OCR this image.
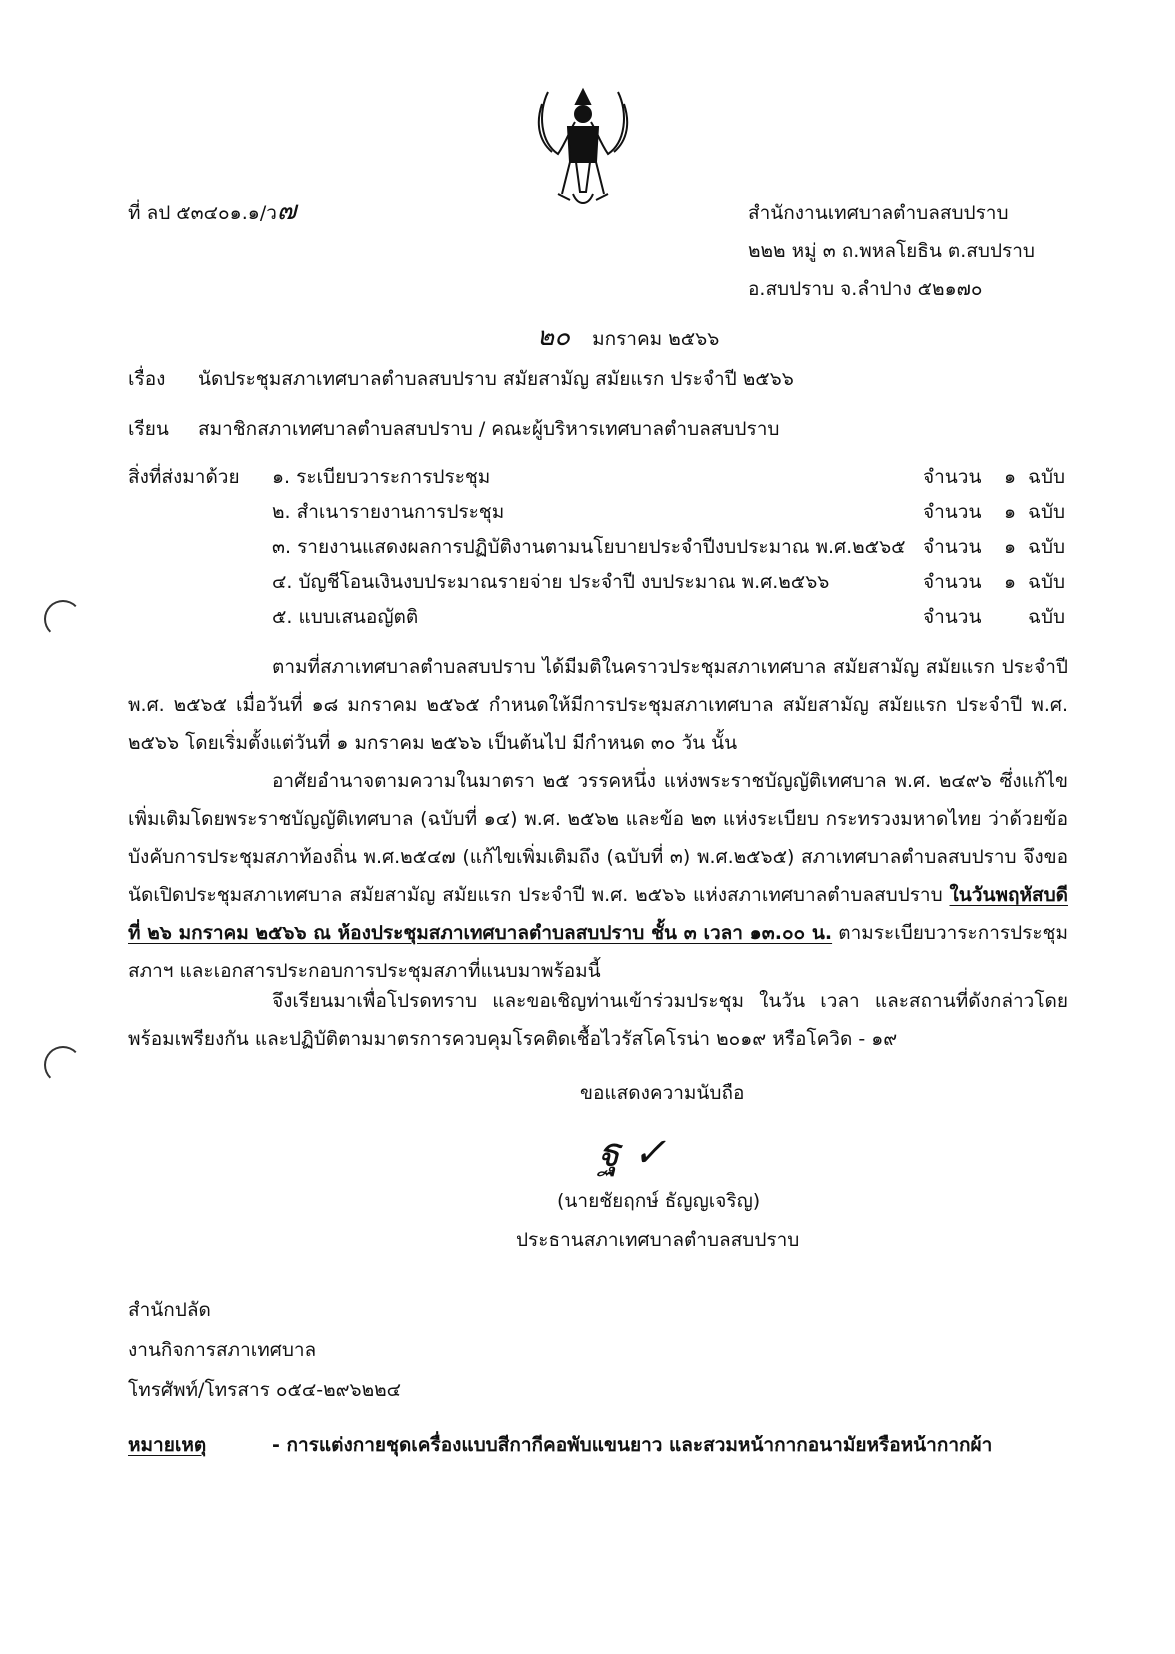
ที่ ลป ๕๓๔๐๑.๑/ว๗	สำนักงานเทศบาลตำบลสบปราบ
๒๒๒ หมู่ ๓ ถ.พหลโยธิน ต.สบปราบ
อ.สบปราบ จ.ลำปาง ๕๒๑๗๐
๒๐ มกราคม ๒๕๖๖
เรื่อง นัดประชุมสภาเทศบาลตำบลสบปราบ สมัยสามัญ สมัยแรก ประจำปี ๒๕๖๖
เรียน สมาชิกสภาเทศบาลตำบลสบปราบ / คณะผู้บริหารเทศบาลตำบลสบปราบ
สิ่งที่ส่งมาด้วย ๑. ระเบียบวาระการประชุม	จำนวน ๑ ฉบับ
๒. สำเนารายงานการประชุม	จำนวน ๑ ฉบับ
๓. รายงานแสดงผลการปฏิบัติงานตามนโยบายประจำปีงบประมาณ พ.ศ.๒๕๖๕ จำนวน ๑ ฉบับ
๔. บัญชีโอนเงินงบประมาณรายจ่าย ประจำปี งบประมาณ พ.ศ.๒๕๖๖	จำนวน ๑ ฉบับ
๕. แบบเสนอญัตติ	จำนวน ฉบับ
ตามที่สภาเทศบาลตำบลสบปราบ ได้มีมติในคราวประชุมสภาเทศบาล สมัยสามัญ สมัยแรก ประจำปี พ.ศ. ๒๕๖๕ เมื่อวันที่ ๑๘ มกราคม ๒๕๖๕ กำหนดให้มีการประชุมสภาเทศบาล สมัยสามัญ สมัยแรก ประจำปี พ.ศ. ๒๕๖๖ โดยเริ่มตั้งแต่วันที่ ๑ มกราคม ๒๕๖๖ เป็นต้นไป มีกำหนด ๓๐ วัน นั้น
อาศัยอำนาจตามความในมาตรา ๒๕ วรรคหนึ่ง แห่งพระราชบัญญัติเทศบาล พ.ศ. ๒๔๙๖ ซึ่งแก้ไขเพิ่มเติมโดยพระราชบัญญัติเทศบาล (ฉบับที่ ๑๔) พ.ศ. ๒๕๖๒ และข้อ ๒๓ แห่งระเบียบ กระทรวงมหาดไทย ว่าด้วยข้อบังคับการประชุมสภาท้องถิ่น พ.ศ.๒๕๔๗ (แก้ไขเพิ่มเติมถึง (ฉบับที่ ๓) พ.ศ.๒๕๖๕) สภาเทศบาลตำบลสบปราบ จึงขอนัดเปิดประชุมสภาเทศบาล สมัยสามัญ สมัยแรก ประจำปี พ.ศ. ๒๕๖๖ แห่งสภาเทศบาลตำบลสบปราบ ในวันพฤหัสบดีที่ ๒๖ มกราคม ๒๕๖๖ ณ ห้องประชุมสภาเทศบาลตำบลสบปราบ ชั้น ๓ เวลา ๑๓.๐๐ น. ตามระเบียบวาระการประชุมสภาฯ และเอกสารประกอบการประชุมสภาที่แนบมาพร้อมนี้
จึงเรียนมาเพื่อโปรดทราบ และขอเชิญท่านเข้าร่วมประชุม ในวัน เวลา และสถานที่ดังกล่าวโดยพร้อมเพรียงกัน และปฏิบัติตามมาตรการควบคุมโรคติดเชื้อไวรัสโคโรน่า ๒๐๑๙ หรือโควิด - ๑๙
ขอแสดงความนับถือ
ฐ ✓
(นายชัยฤกษ์ ธัญญเจริญ)
ประธานสภาเทศบาลตำบลสบปราบ
สำนักปลัด
งานกิจการสภาเทศบาล
โทรศัพท์/โทรสาร ๐๕๔-๒๙๖๒๒๔
หมายเหตุ	- การแต่งกายชุดเครื่องแบบสีกากีคอพับแขนยาว และสวมหน้ากากอนามัยหรือหน้ากากผ้า
